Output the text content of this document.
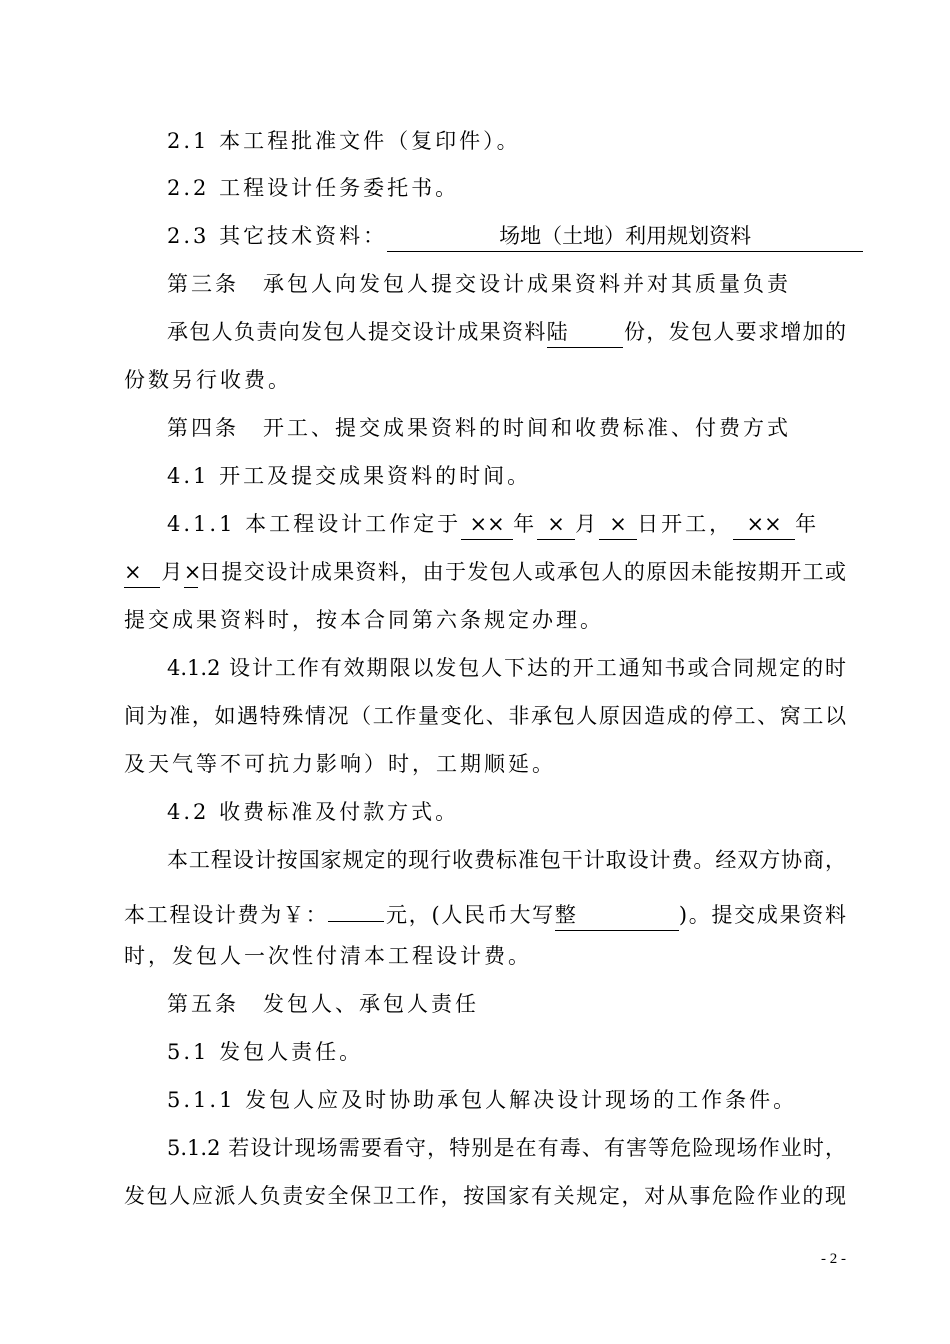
2.1 本工程批准文件（复印件）。
2.2 工程设计任务委托书。
2.3 其它技术资料：	场地（土地）利用规划资料
第三条　承包人向发包人提交设计成果资料并对其质量负责
承包人负责向发包人提交设计成果资料陆	份，发包人要求增加的
份数另行收费。
第四条　开工、提交成果资料的时间和收费标准、付费方式
4.1 开工及提交成果资料的时间。
4.1.1 本工程设计工作定于 ×× 年 × 月 × 日开工， ×× 年
× 月×日提交设计成果资料，由于发包人或承包人的原因未能按期开工或
提交成果资料时，按本合同第六条规定办理。
4.1.2 设计工作有效期限以发包人下达的开工通知书或合同规定的时
间为准，如遇特殊情况（工作量变化、非承包人原因造成的停工、窝工以
及天气等不可抗力影响）时，工期顺延。
4.2 收费标准及付款方式。
本工程设计按国家规定的现行收费标准包干计取设计费。经双方协商，
本工程设计费为￥：	元，(人民币大写整	)。提交成果资料
时，发包人一次性付清本工程设计费。
第五条　发包人、承包人责任
5.1 发包人责任。
5.1.1 发包人应及时协助承包人解决设计现场的工作条件。
5.1.2 若设计现场需要看守，特别是在有毒、有害等危险现场作业时，
发包人应派人负责安全保卫工作，按国家有关规定，对从事危险作业的现
- 2 -
